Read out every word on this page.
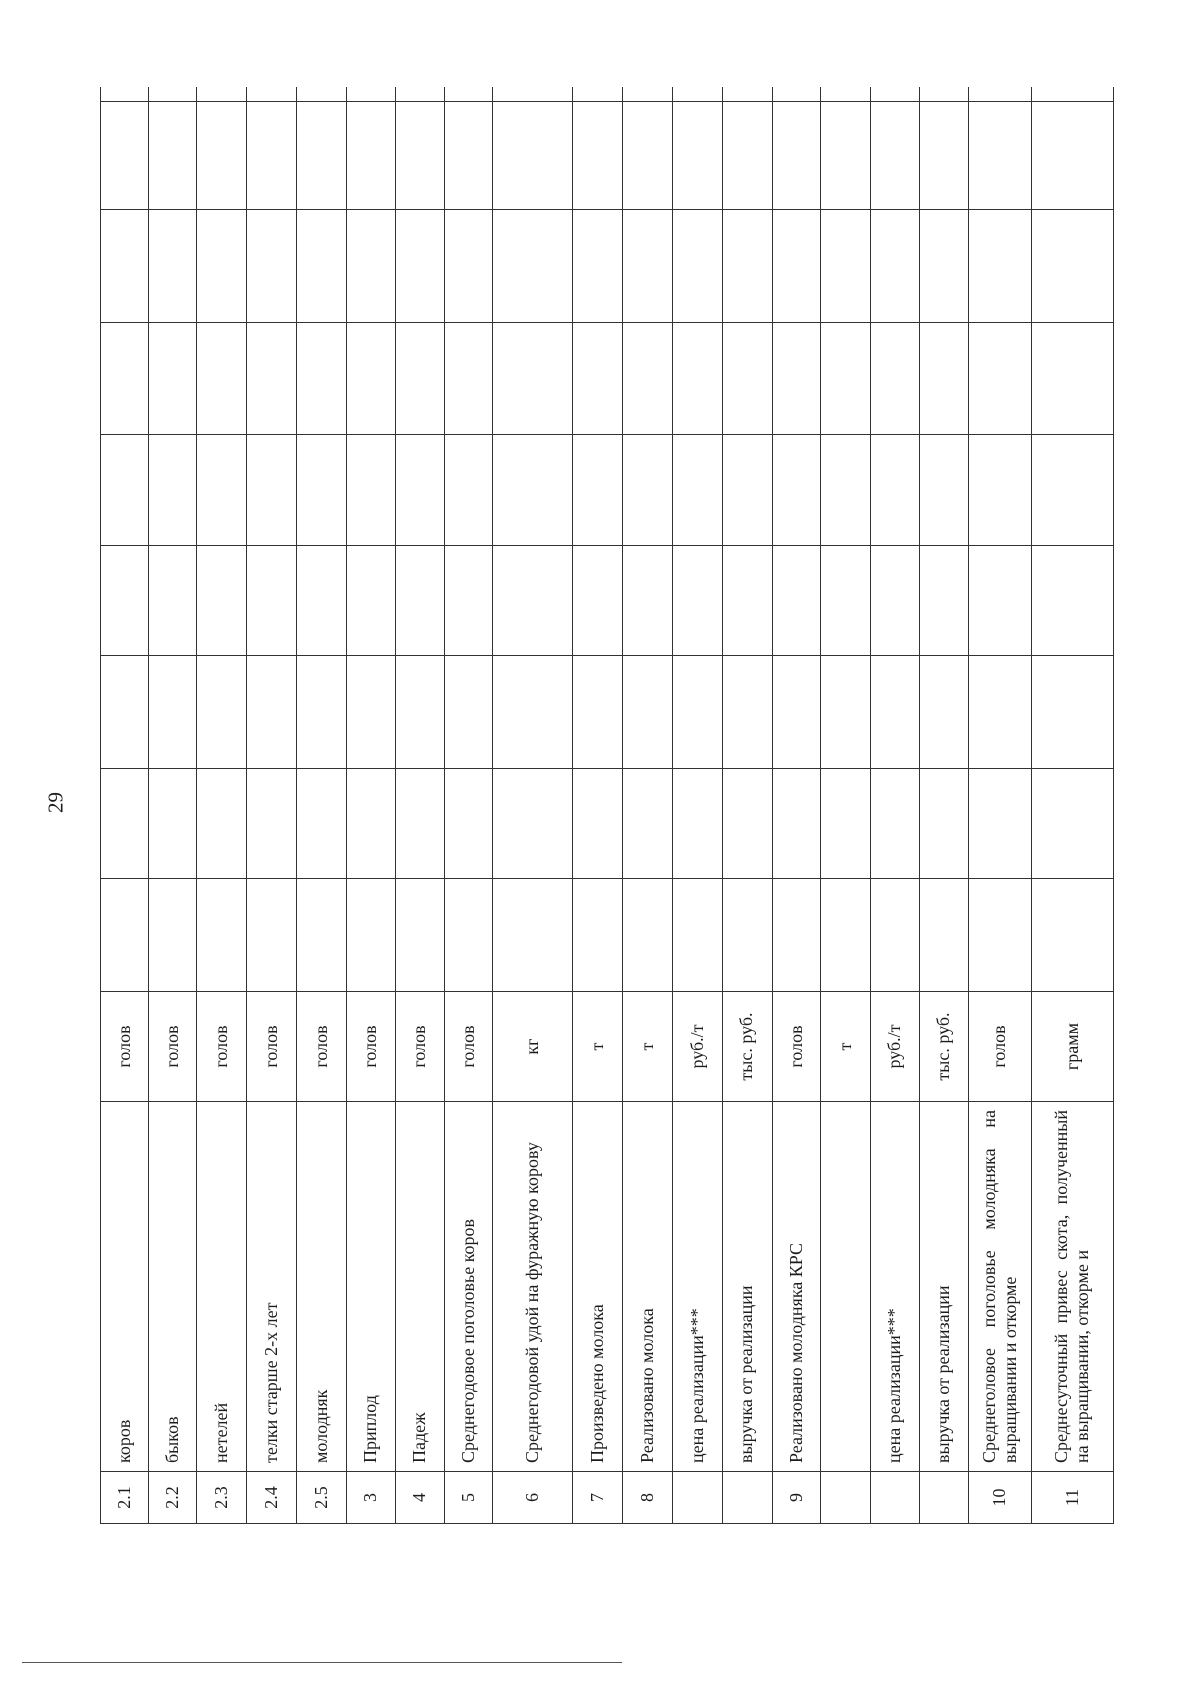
29
2.1	коров	голов									
2.2	быков	голов									
2.3	нетелей	голов									
2.4	телки старше 2-х лет	голов									
2.5	молодняк	голов									
3	Приплод	голов									
4	Падеж	голов									
5	Среднегодовое поголовье коров	голов									
6	Среднегодовой удой на фуражную корову	кг									
7	Произведено молока	т									
8	Реализовано молока	т									
	цена реализации***	руб./т									
	выручка от реализации	тыс. руб.									
9	Реализовано молодняка КРС	голов									
		т									
	цена реализации***	руб./т									
	выручка от реализации	тыс. руб.									
10	Среднеголовое поголовье молодняка на выращивании и откорме	голов									
11	Среднесуточный привес скота, полученный на выращивании, откорме и	грамм									
